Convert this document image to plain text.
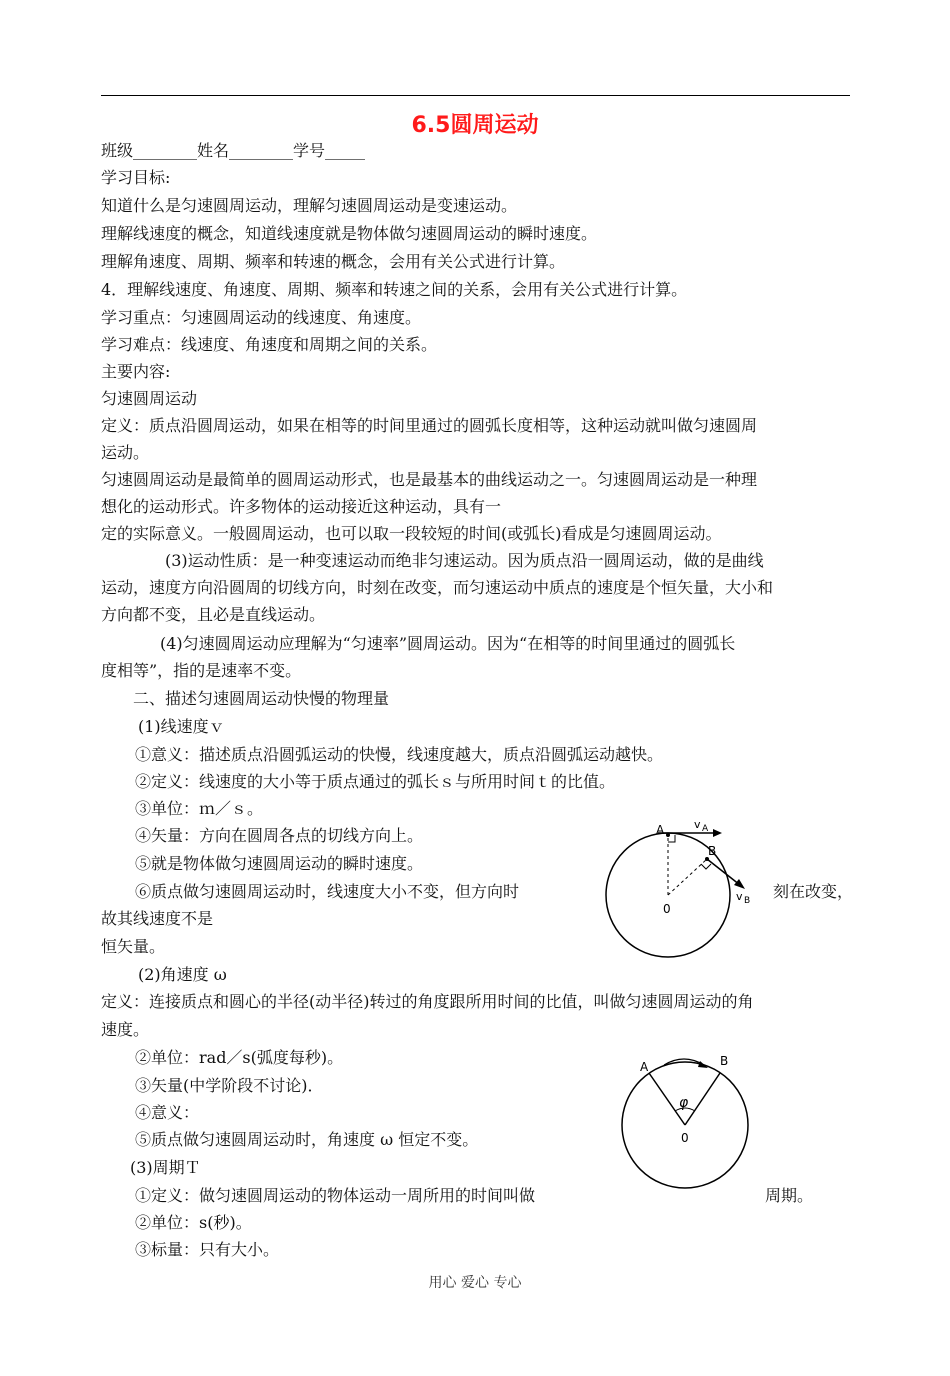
6.5圆周运动
班级________姓名________学号_____
学习目标:
知道什么是匀速圆周运动，理解匀速圆周运动是变速运动。
理解线速度的概念，知道线速度就是物体做匀速圆周运动的瞬时速度。
理解角速度、周期、频率和转速的概念，会用有关公式进行计算。
4．理解线速度、角速度、周期、频率和转速之间的关系，会用有关公式进行计算。
学习重点：匀速圆周运动的线速度、角速度。
学习难点：线速度、角速度和周期之间的关系。
主要内容:
匀速圆周运动
定义：质点沿圆周运动，如果在相等的时间里通过的圆弧长度相等，这种运动就叫做匀速圆周
运动。
匀速圆周运动是最简单的圆周运动形式，也是最基本的曲线运动之一。匀速圆周运动是一种理
想化的运动形式。许多物体的运动接近这种运动，具有一
定的实际意义。一般圆周运动，也可以取一段较短的时间(或弧长)看成是匀速圆周运动。
(3)运动性质：是一种变速运动而绝非匀速运动。因为质点沿一圆周运动，做的是曲线
运动，速度方向沿圆周的切线方向，时刻在改变，而匀速运动中质点的速度是个恒矢量，大小和
方向都不变，且必是直线运动。
(4)匀速圆周运动应理解为“匀速率”圆周运动。因为“在相等的时间里通过的圆弧长
度相等”，指的是速率不变。
二、描述匀速圆周运动快慢的物理量
(1)线速度ｖ
①意义：描述质点沿圆弧运动的快慢，线速度越大，质点沿圆弧运动越快。
②定义：线速度的大小等于质点通过的弧长ｓ与所用时间ｔ的比值。
③单位：ｍ／ｓ。
④矢量：方向在圆周各点的切线方向上。
⑤就是物体做匀速圆周运动的瞬时速度。
⑥质点做匀速圆周运动时，线速度大小不变，但方向时	刻在改变，
故其线速度不是
恒矢量。
(2)角速度 ω
定义：连接质点和圆心的半径(动半径)转过的角度跟所用时间的比值，叫做匀速圆周运动的角
速度。
②单位：rad／s(弧度每秒)。
③矢量(中学阶段不讨论)．
④意义：
⑤质点做匀速圆周运动时，角速度 ω 恒定不变。
(3)周期Ｔ
①定义：做匀速圆周运动的物体运动一周所用的时间叫做	周期。
②单位：s(秒)。
③标量：只有大小。
A
B
0
v A
v B
A	B
0
φ
用心 爱心 专心
